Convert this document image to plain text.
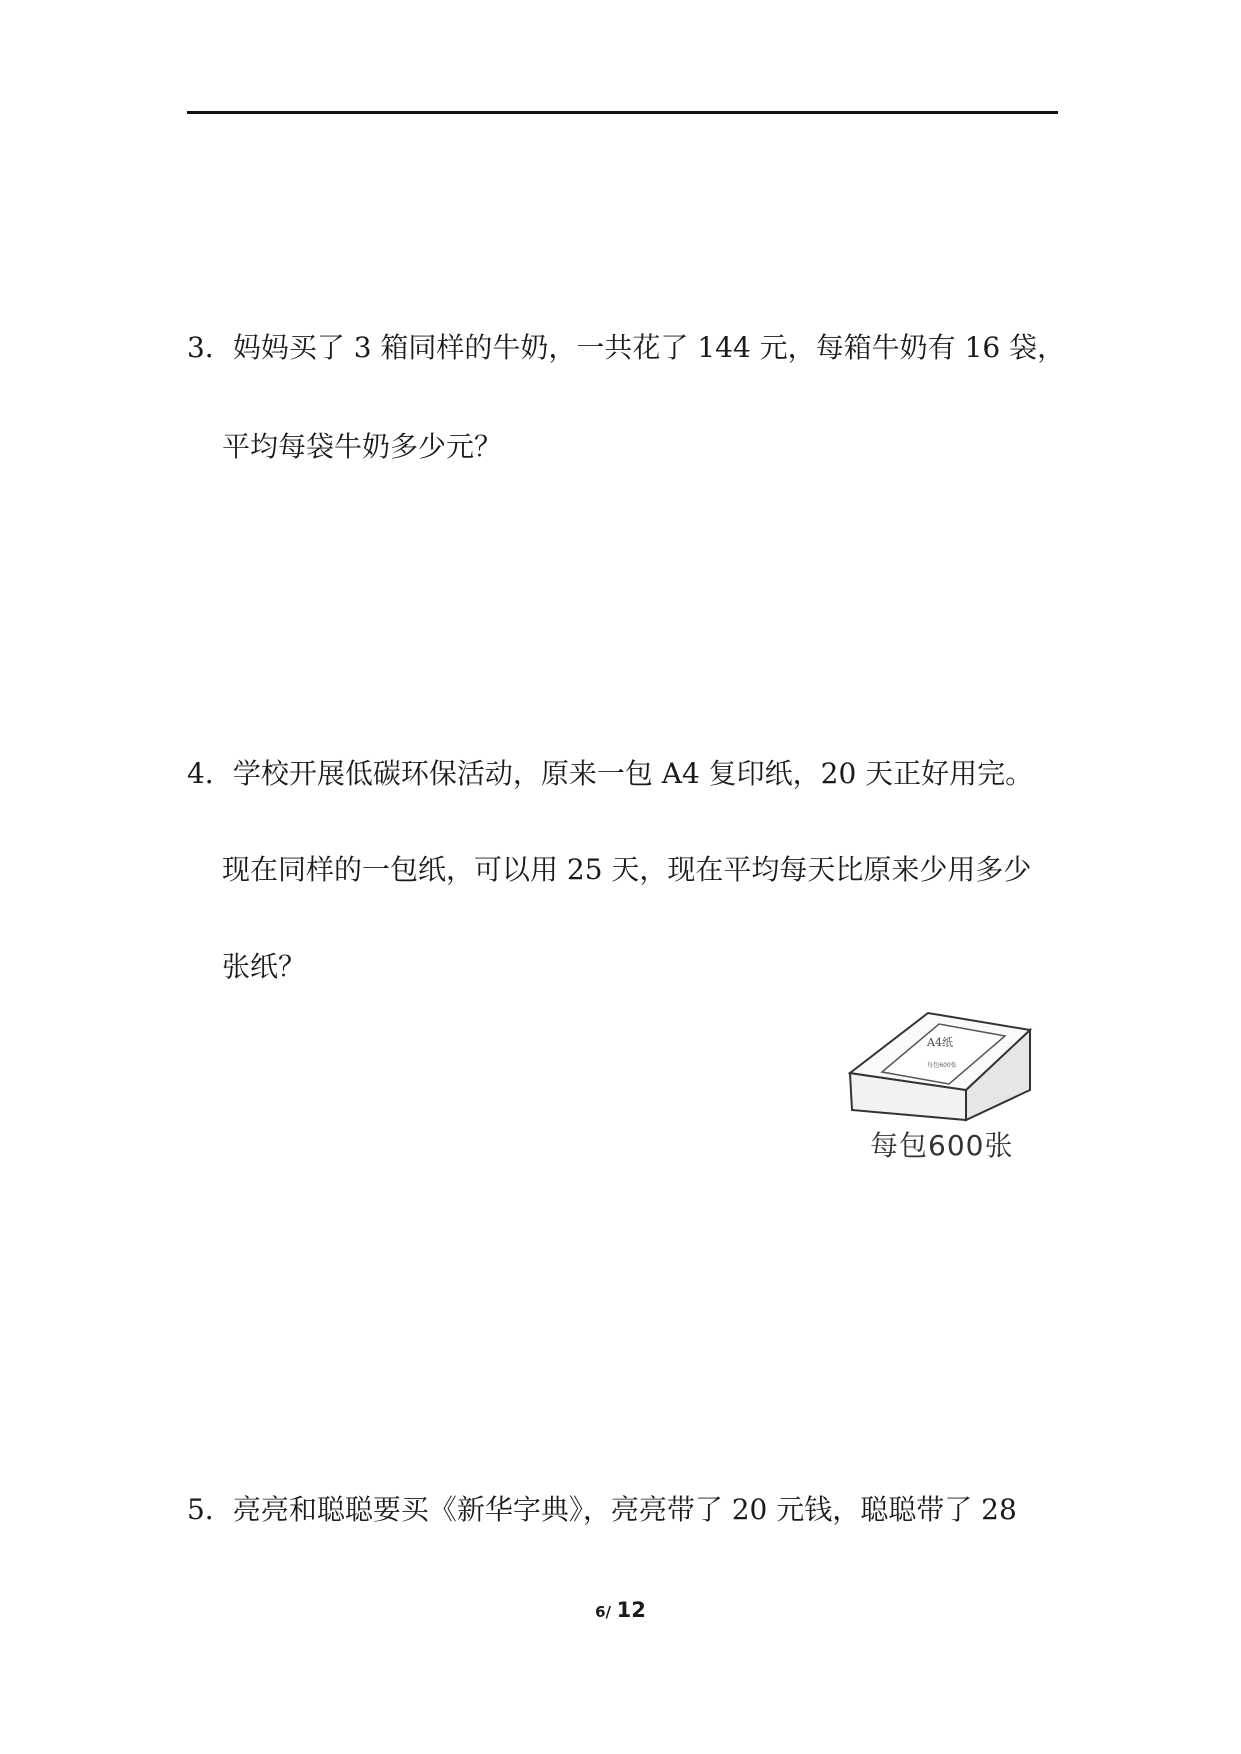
3．妈妈买了 3 箱同样的牛奶，一共花了 144 元，每箱牛奶有 16 袋，
平均每袋牛奶多少元？
4．学校开展低碳环保活动，原来一包 A4 复印纸，20 天正好用完。
现在同样的一包纸，可以用 25 天，现在平均每天比原来少用多少
张纸？
A4纸
每包600张
每包600张
5．亮亮和聪聪要买《新华字典》，亮亮带了 20 元钱，聪聪带了 28
6/ 12
